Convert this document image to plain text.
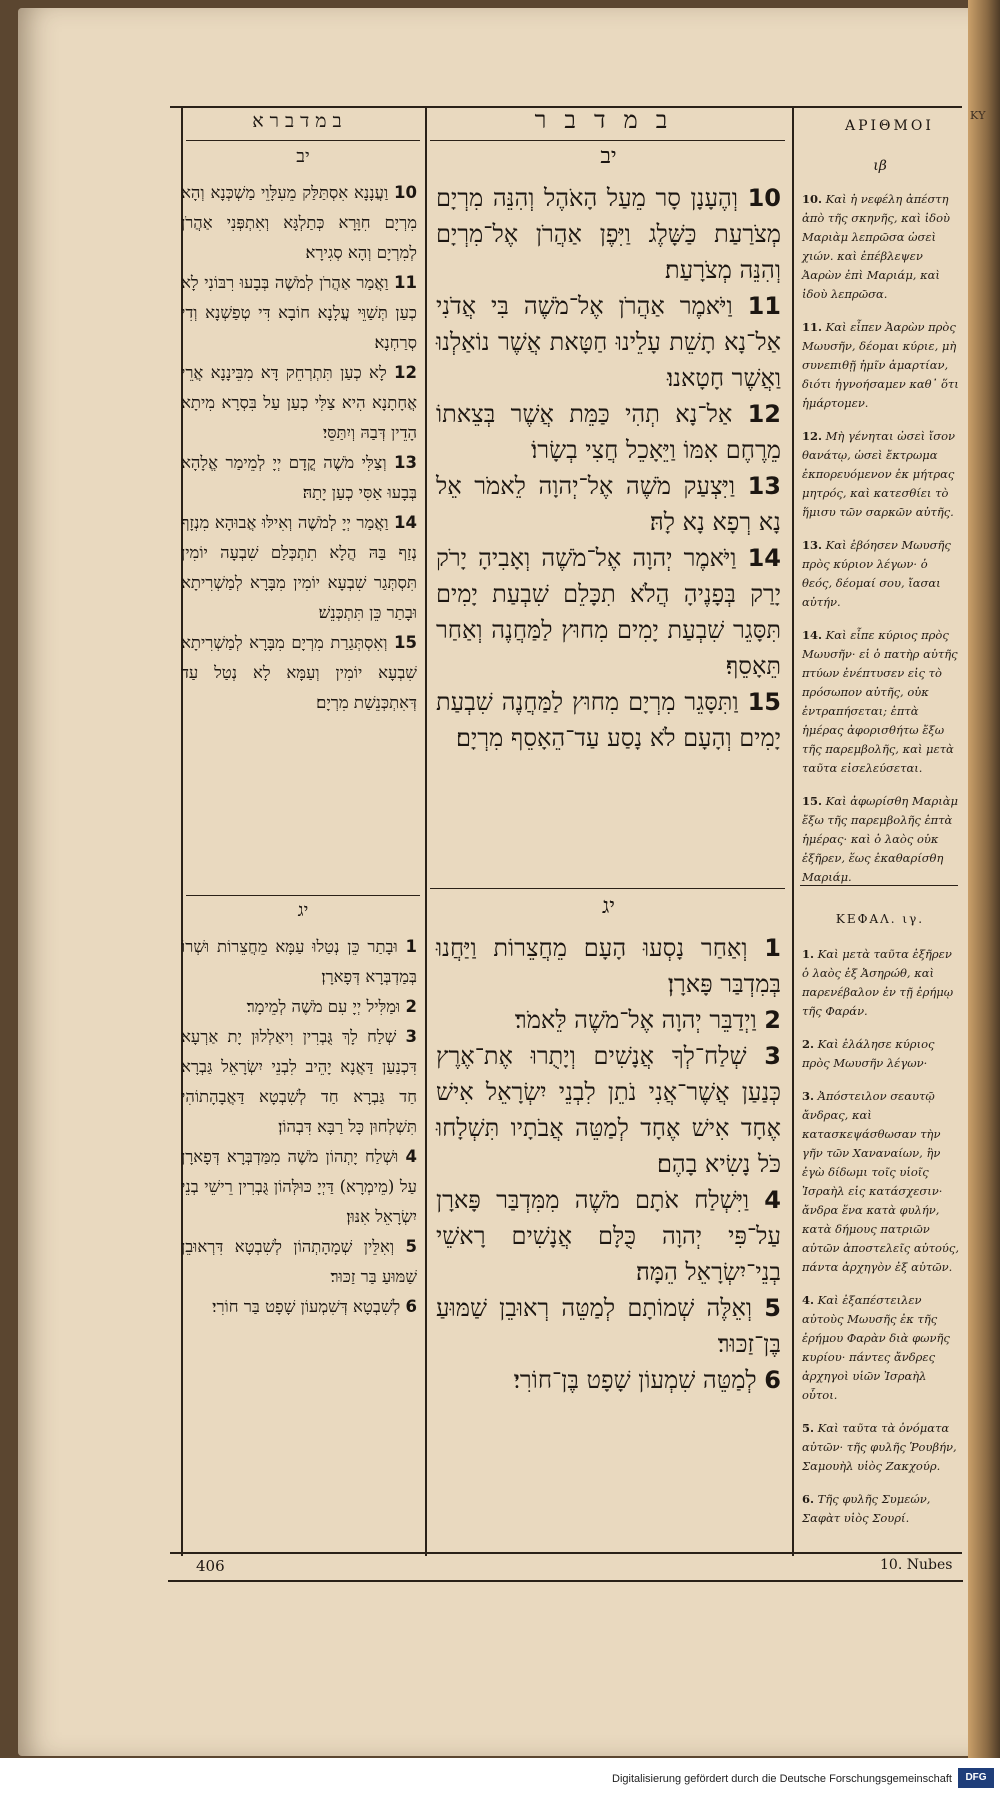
ΚΥ
במדברא	במדבר	ΑΡΙΘΜΟΙ
יב
יב	ιβ
יג
יג	ΚΕΦΑΛ. ιγ.
10 וְהֶעָנָן סָר מֵעַל הָאֹהֶל וְהִנֵּה מִרְיָם מְצֹרַעַת כַּשָּׁלֶג וַיִּפֶן אַהֲרֹן אֶל־מִרְיָם וְהִנֵּה מְצֹרָעַת׃
11 וַיֹּאמֶר אַהֲרֹן אֶל־מֹשֶׁה בִּי אֲדֹנִי אַל־נָא תָשֵׁת עָלֵינוּ חַטָּאת אֲשֶׁר נוֹאַלְנוּ וַאֲשֶׁר חָטָאנוּ׃
12 אַל־נָא תְהִי כַּמֵּת אֲשֶׁר בְּצֵאתוֹ מֵרֶחֶם אִמּוֹ וַיֵּאָכֵל חֲצִי בְשָׂרוֹ׃
13 וַיִּצְעַק מֹשֶׁה אֶל־יְהוָה לֵאמֹר אֵל נָא רְפָא נָא לָהּ׃
14 וַיֹּאמֶר יְהוָה אֶל־מֹשֶׁה וְאָבִיהָ יָרֹק יָרַק בְּפָנֶיהָ הֲלֹא תִכָּלֵם שִׁבְעַת יָמִים תִּסָּגֵר שִׁבְעַת יָמִים מִחוּץ לַמַּחֲנֶה וְאַחַר תֵּאָסֵף׃
15 וַתִּסָּגֵר מִרְיָם מִחוּץ לַמַּחֲנֶה שִׁבְעַת יָמִים וְהָעָם לֹא נָסַע עַד־הֵאָסֵף מִרְיָם׃
1 וְאַחַר נָסְעוּ הָעָם מֵחֲצֵרוֹת וַיַּחֲנוּ בְּמִדְבַּר פָּארָן׃
2 וַיְדַבֵּר יְהוָה אֶל־מֹשֶׁה לֵּאמֹר׃
3 שְׁלַח־לְךָ אֲנָשִׁים וְיָתֻרוּ אֶת־אֶרֶץ כְּנַעַן אֲשֶׁר־אֲנִי נֹתֵן לִבְנֵי יִשְׂרָאֵל אִישׁ אֶחָד אִישׁ אֶחָד לְמַטֵּה אֲבֹתָיו תִּשְׁלָחוּ כֹּל נָשִׂיא בָהֶם׃
4 וַיִּשְׁלַח אֹתָם מֹשֶׁה מִמִּדְבַּר פָּארָן עַל־פִּי יְהוָה כֻּלָּם אֲנָשִׁים רָאשֵׁי בְנֵי־יִשְׂרָאֵל הֵמָּה׃
5 וְאֵלֶּה שְׁמוֹתָם לְמַטֵּה רְאוּבֵן שַׁמּוּעַ בֶּן־זַכּוּר׃
6 לְמַטֵּה שִׁמְעוֹן שָׁפָט בֶּן־חוֹרִי׃
10 וַעֲנָנָא אִסְתַּלַּק מֵעִלָּוֵי מַשְׁכְּנָא וְהָא מִרְיָם חִוָּרָא כְּתַלְגָּא וְאִתְפְּנִי אַהֲרֹן לְמִרְיָם וְהָא סְגִירָא׃
11 וַאֲמַר אַהֲרֹן לְמֹשֶׁה בְּבָעוּ רִבּוֹנִי לָא כְעַן תְּשַׁוֵּי עֲלָנָא חוֹבָא דִּי טְפַשְׁנָא וְדִי סְרַחְנָא׃
12 לָא כְעַן תִּתְרְחֵק דָּא מִבֵּינָנָא אֲרֵי אֲחָתָנָא הִיא צַלִּי כְעַן עַל בִּסְרָא מִיתָא הָדֵין דְּבַהּ וְיִתַּסֵּי׃
13 וְצַלִּי מֹשֶׁה קֳדָם יְיָ לְמֵימַר אֱלָהָא בְּבָעוּ אַסִּי כְעַן יָתַהּ׃
14 וַאֲמַר יְיָ לְמֹשֶׁה וְאִילּוּ אֲבוּהָא מִנְזָף נְזַף בַּהּ הֲלָא תִתְכְּלַם שִׁבְעָה יוֹמִין תִּסְתְּגַר שִׁבְעָא יוֹמִין מִבָּרָא לְמַשְׁרִיתָא וּבָתַר כֵּן תִּתְכְּנֵשׁ׃
15 וְאִסְתְּגַרַת מִרְיָם מִבָּרָא לְמַשְׁרִיתָא שִׁבְעָא יוֹמִין וְעַמָּא לָא נְטַל עַד דְּאִתְכְּנֵשַׁת מִרְיָם׃
1 וּבָתַר כֵּן נְטַלוּ עַמָּא מֵחֲצֵרוֹת וּשְׁרוֹ בְּמַדְבְּרָא דְּפָארָן׃
2 וּמַלִּיל יְיָ עִם מֹשֶׁה לְמֵימָר׃
3 שְׁלַח לָךְ גֻּבְרִין וִיאַלְלוּן יָת אַרְעָא דִּכְנַעַן דַּאֲנָא יָהֵיב לִבְנֵי יִשְׂרָאֵל גַּבְרָא חַד גַּבְרָא חַד לְשִׁבְטָא דַּאֲבָהָתוֹהִי תִּשְׁלְחוּן כָּל רַבָּא דִּבְהוֹן׃
4 וּשְׁלַח יָתְהוֹן מֹשֶׁה מִמַּדְבְּרָא דְּפָארָן עַל (מֵימְרָא) דַּיְיָ כּוּלְּהוֹן גֻּבְרִין רֵישֵׁי בְנֵי יִשְׂרָאֵל אִנּוּן׃
5 וְאִלֵּין שְׁמָהָתְהוֹן לְשִׁבְטָא דִּרְאוּבֵן שַׁמּוּעַ בַּר זַכּוּר׃
6 לְשִׁבְטָא דְּשִׁמְעוֹן שָׁפָט בַּר חוֹרִי׃

10. Καὶ ἡ νεφέλη ἀπέστη ἀπὸ τῆς σκηνῆς, καὶ ἰδοὺ Μαριὰμ λεπρῶσα ὡσεὶ χιών. καὶ ἐπέβλεψεν Ἀαρὼν ἐπὶ Μαριάμ, καὶ ἰδοὺ λεπρῶσα.

11. Καὶ εἶπεν Ἀαρὼν πρὸς Μωυσῆν, δέομαι κύριε, μὴ συνεπιθῇ ἡμῖν ἁμαρτίαν, διότι ἠγνοήσαμεν καθ᾽ ὅτι ἡμάρτομεν.

12. Μὴ γένηται ὡσεὶ ἴσον θανάτῳ, ὡσεὶ ἔκτρωμα ἐκπορευόμενον ἐκ μήτρας μητρός, καὶ κατεσθίει τὸ ἥμισυ τῶν σαρκῶν αὐτῆς.

13. Καὶ ἐβόησεν Μωυσῆς πρὸς κύριον λέγων· ὁ θεός, δέομαί σου, ἴασαι αὐτήν.

14. Καὶ εἶπε κύριος πρὸς Μωυσῆν· εἰ ὁ πατὴρ αὐτῆς πτύων ἐνέπτυσεν εἰς τὸ πρόσωπον αὐτῆς, οὐκ ἐντραπήσεται; ἑπτὰ ἡμέρας ἀφορισθήτω ἔξω τῆς παρεμβολῆς, καὶ μετὰ ταῦτα εἰσελεύσεται.

15. Καὶ ἀφωρίσθη Μαριὰμ ἔξω τῆς παρεμβολῆς ἑπτὰ ἡμέρας· καὶ ὁ λαὸς οὐκ ἐξῆρεν, ἕως ἐκαθαρίσθη Μαριάμ.

1. Καὶ μετὰ ταῦτα ἐξῆρεν ὁ λαὸς ἐξ Ἀσηρώθ, καὶ παρενέβαλον ἐν τῇ ἐρήμῳ τῆς Φαράν.

2. Καὶ ἐλάλησε κύριος πρὸς Μωυσῆν λέγων·

3. Ἀπόστειλον σεαυτῷ ἄνδρας, καὶ κατασκεψάσθωσαν τὴν γῆν τῶν Χαναναίων, ἣν ἐγὼ δίδωμι τοῖς υἱοῖς Ἰσραὴλ εἰς κατάσχεσιν· ἄνδρα ἕνα κατὰ φυλήν, κατὰ δήμους πατριῶν αὐτῶν ἀποστελεῖς αὐτούς, πάντα ἀρχηγὸν ἐξ αὐτῶν.

4. Καὶ ἐξαπέστειλεν αὐτοὺς Μωυσῆς ἐκ τῆς ἐρήμου Φαρὰν διὰ φωνῆς κυρίου· πάντες ἄνδρες ἀρχηγοὶ υἱῶν Ἰσραὴλ οὗτοι.

5. Καὶ ταῦτα τὰ ὀνόματα αὐτῶν· τῆς φυλῆς Ῥουβήν, Σαμουὴλ υἱὸς Ζακχούρ.

6. Τῆς φυλῆς Συμεών, Σαφὰτ υἱὸς Σουρί.

406	10. Nubes
Digitalisierung gefördert durch die Deutsche Forschungsgemeinschaft	DFG
